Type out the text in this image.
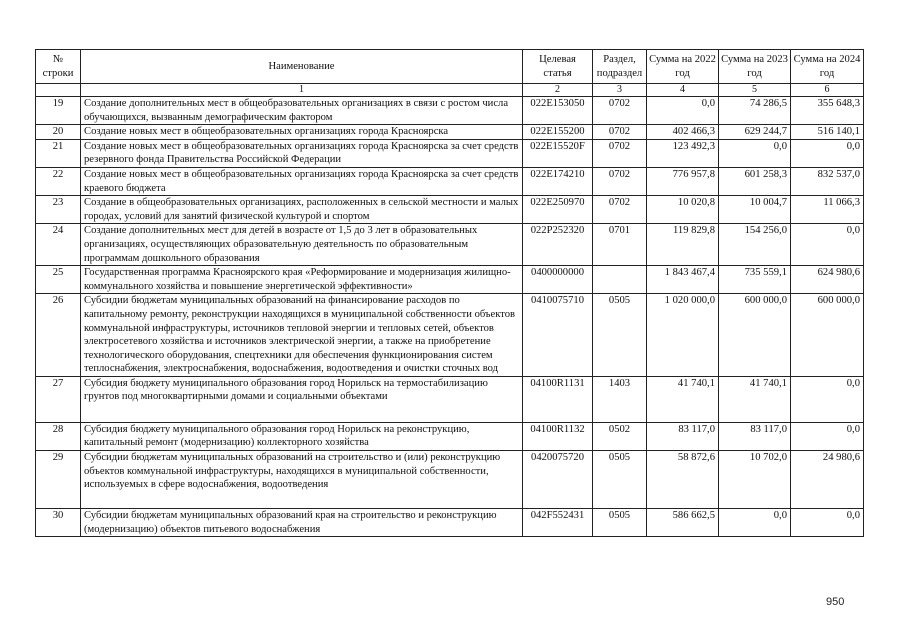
№ строки	Наименование	Целевая статья	Раздел, подраздел	Сумма на 2022 год	Сумма на 2023 год	Сумма на 2024 год
	1	2	3	4	5	6
19	Создание дополнительных мест в общеобразовательных организациях в связи с ростом числа обучающихся, вызванным демографическим фактором	022E153050	0702	0,0	74 286,5	355 648,3
20	Создание новых мест в общеобразовательных организациях города Красноярска	022E155200	0702	402 466,3	629 244,7	516 140,1
21	Создание новых мест в общеобразовательных организациях города Красноярска за счет средств резервного фонда Правительства Российской Федерации	022E15520F	0702	123 492,3	0,0	0,0
22	Создание новых мест в общеобразовательных организациях города Красноярска за счет средств краевого бюджета	022E174210	0702	776 957,8	601 258,3	832 537,0
23	Создание в общеобразовательных организациях, расположенных в сельской местности и малых городах, условий для занятий физической культурой и спортом	022E250970	0702	10 020,8	10 004,7	11 066,3
24	Создание дополнительных мест для детей в возрасте от 1,5 до 3 лет в образовательных организациях, осуществляющих образовательную деятельность по образовательным программам дошкольного образования	022P252320	0701	119 829,8	154 256,0	0,0
25	Государственная программа Красноярского края «Реформирование и модернизация жилищно-коммунального хозяйства и повышение энергетической эффективности»	0400000000		1 843 467,4	735 559,1	624 980,6
26	Субсидии бюджетам муниципальных образований на финансирование расходов по капитальному ремонту, реконструкции находящихся в муниципальной собственности объектов коммунальной инфраструктуры, источников тепловой энергии и тепловых сетей, объектов электросетевого хозяйства и источников электрической энергии, а также на приобретение технологического оборудования, спецтехники для обеспечения функционирования систем теплоснабжения, электроснабжения, водоснабжения, водоотведения и очистки сточных вод	0410075710	0505	1 020 000,0	600 000,0	600 000,0
27	Субсидия бюджету муниципального образования город Норильск на термостабилизацию грунтов под многоквартирными домами и социальными объектами	04100R1131	1403	41 740,1	41 740,1	0,0
28	Субсидия бюджету муниципального образования город Норильск на реконструкцию, капитальный ремонт (модернизацию) коллекторного хозяйства	04100R1132	0502	83 117,0	83 117,0	0,0
29	Субсидии бюджетам муниципальных образований на строительство и (или) реконструкцию объектов коммунальной инфраструктуры, находящихся в муниципальной собственности, используемых в сфере водоснабжения, водоотведения	0420075720	0505	58 872,6	10 702,0	24 980,6
30	Субсидии бюджетам муниципальных образований края на строительство и реконструкцию (модернизацию) объектов питьевого водоснабжения	042F552431	0505	586 662,5	0,0	0,0
950
